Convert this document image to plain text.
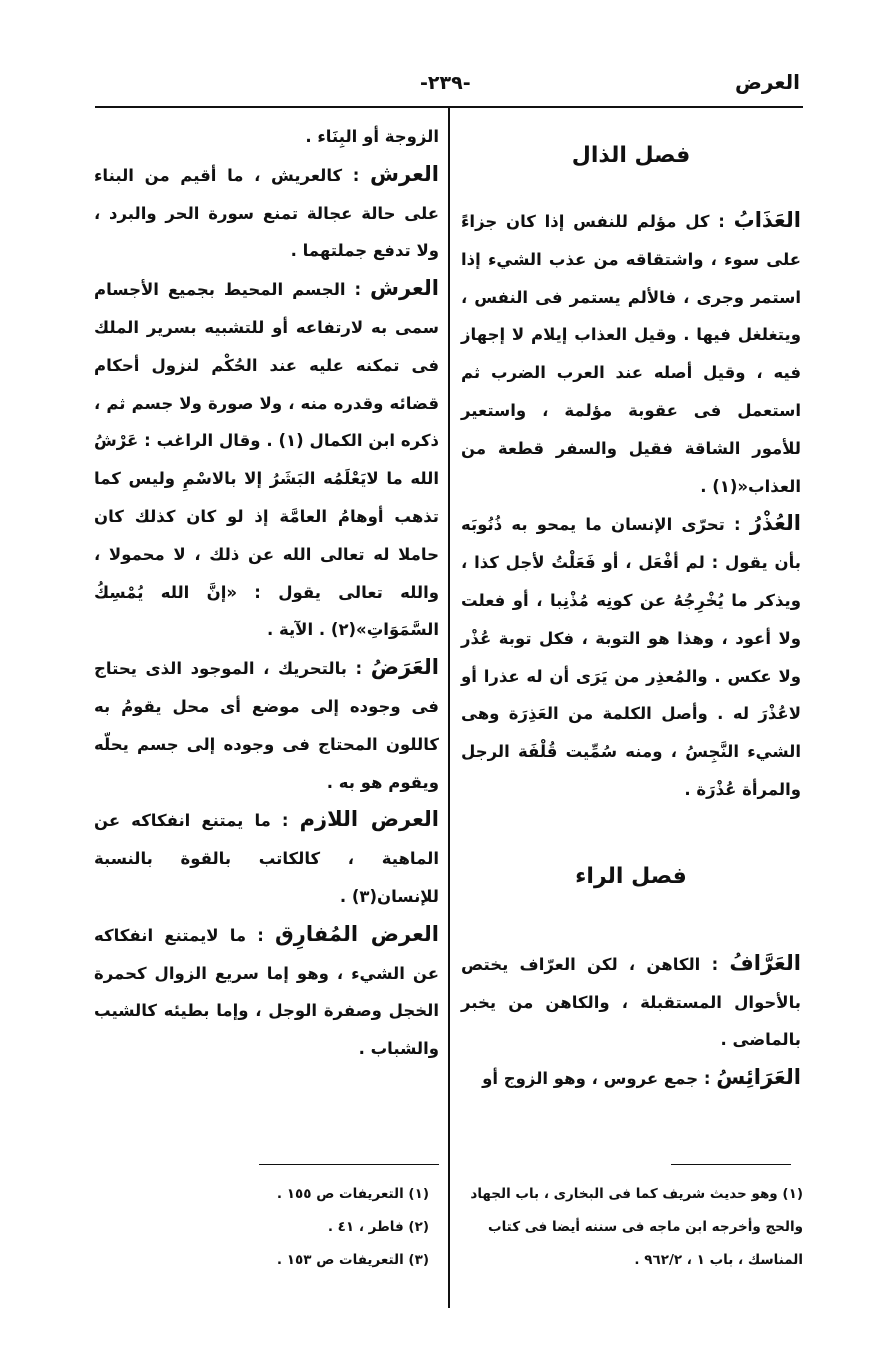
العرض
-٢٣٩-

فصل الذال

العَذَابُ : كل مؤلم للنفس إذا كان جزاءً على سوء ، واشتقاقه من عذب الشيء إذا استمر وجرى ، فالألم يستمر فى النفس ، ويتغلغل فيها . وقيل العذاب إيلام لا إجهاز فيه ، وقيل أصله عند العرب الضرب ثم استعمل فى عقوبة مؤلمة ، واستعير للأمور الشاقة فقيل والسفر قطعة من العذاب«(١) .

العُذْرُ : تحرّى الإنسان ما يمحو به ذُنُوبَه بأن يقول : لم أفْعَل ، أو فَعَلْتُ لأجل كذا ، ويذكر ما يُخْرِجُهُ عن كونِه مُذْنِبا ، أو فعلت ولا أعود ، وهذا هو التوبة ، فكل توبة عُذْر ولا عكس . والمُعذِر من يَرَى أن له عذرا أو لاعُذْرَ له . وأصل الكلمة من العَذِرَة وهى الشيء النَّجِسُ ، ومنه سُمِّيت قُلْفَة الرجل والمرأة عُذْرَة .

فصل الراء

العَرَّافُ : الكاهن ، لكن العرّاف يختص بالأحوال المستقبلة ، والكاهن من يخبر بالماضى .

العَرَائِسُ : جمع عروس ، وهو الزوج أو

الزوجة أو البِنَاء .

العرش : كالعريش ، ما أقيم من البناء على حالة عجالة تمنع سورة الحر والبرد ، ولا تدفع جملتهما .

العرش : الجسم المحيط بجميع الأجسام سمى به لارتفاعه أو للتشبيه بسرير الملك فى تمكنه عليه عند الحُكْم لنزول أحكام قضائه وقدره منه ، ولا صورة ولا جسم ثم ، ذكره ابن الكمال (١) . وقال الراغب : عَرْشُ الله ما لايَعْلَمُه البَشَرُ إلا بالاسْمِ وليس كما تذهب أوهامُ العامَّة إذ لو كان كذلك كان حاملا له تعالى الله عن ذلك ، لا محمولا ، والله تعالى يقول : «إنَّ الله يُمْسِكُ السَّمَوَاتِ»(٢) . الآية .

العَرَضُ : بالتحريك ، الموجود الذى يحتاج فى وجوده إلى موضع أى محل يقومُ به كاللون المحتاج فى وجوده إلى جسم يحلّه ويقوم هو به .

العرض اللازم : ما يمتنع انفكاكه عن الماهية ، كالكاتب بالقوة بالنسبة للإنسان(٣) .

العرض المُفارِق : ما لايمتنع انفكاكه عن الشيء ، وهو إما سريع الزوال كحمرة الخجل وصفرة الوجل ، وإما بطيئه كالشيب والشباب .

(١) وهو حديث شريف كما فى البخارى ، باب الجهاد والحج وأخرجه ابن ماجه فى سننه أيضا فى كتاب المناسك ، باب ١ ، ٩٦٢/٢ .

(١) التعريفات ص ١٥٥ .

(٢) فاطر ، ٤١ .

(٣) التعريفات ص ١٥٣ .
